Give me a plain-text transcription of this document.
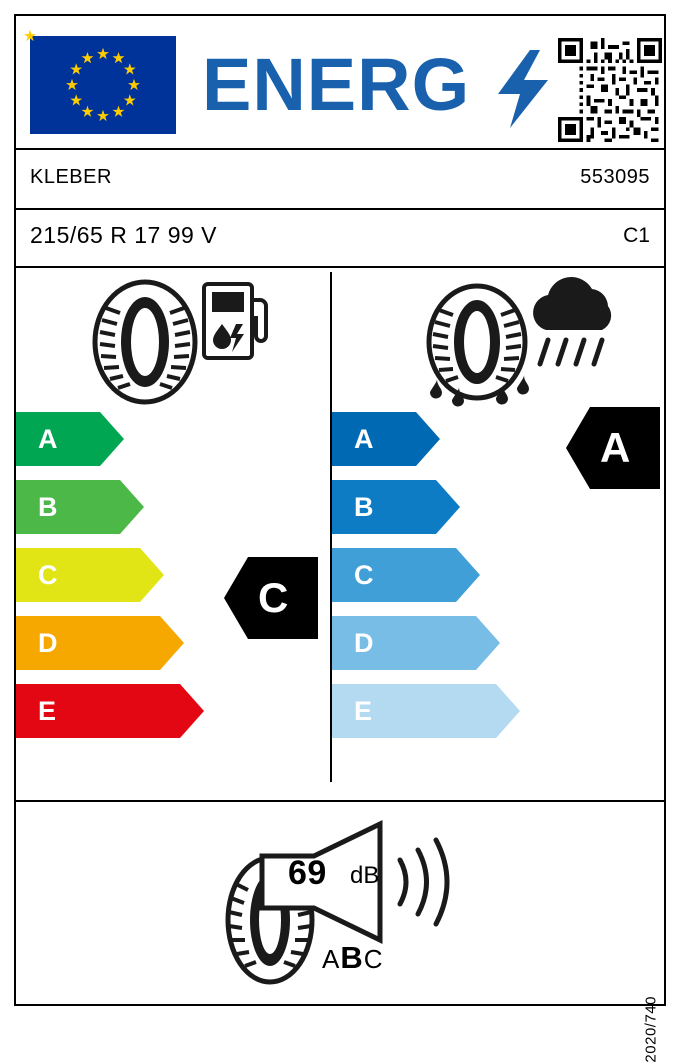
ENERG
KLEBER	553095
215/65 R 17 99 V	C1
A
B
C
D
E
C
A
B
C
D
E
A
69 dB
ABC
2020/740
